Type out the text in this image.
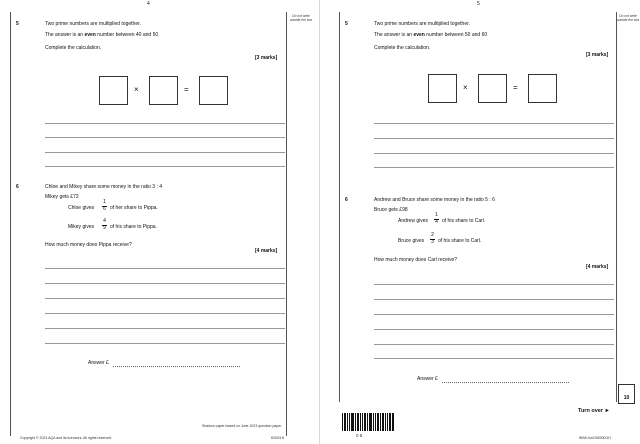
4
Do not write outside the box
5	Two prime numbers are multiplied together.
The answer is an even number between 40 and 50
Complete the calculation.
[3 marks]
×	=
6	Chloe and Mikey share some money in the ratio 3 : 4
Mikey gets £72
Chloe gives
1
6 of her share to Pippa.
Mikey gives
4
9 of his share to Pippa.
How much money does Pippa receive?
[4 marks]
Answer £
Shadow paper based on June 2023 question paper
Copyright © 2023 AQA and its licensors. All rights reserved.	8300/1H
5
Do not write outside the box
5	Two prime numbers are multiplied together.
The answer is an even number between 50 and 60
Complete the calculation.
[3 marks]
×	=
6	Andrew and Bruce share some money in the ratio 5 : 6
Bruce gets £98
Andrew gives
1
4 of his share to Carl.
Bruce gives
2
3 of his share to Carl.
How much money does Carl receive?
[4 marks]
Answer £
10
Turn over ►
0 5	IB/M/Jun23/8300/1H
